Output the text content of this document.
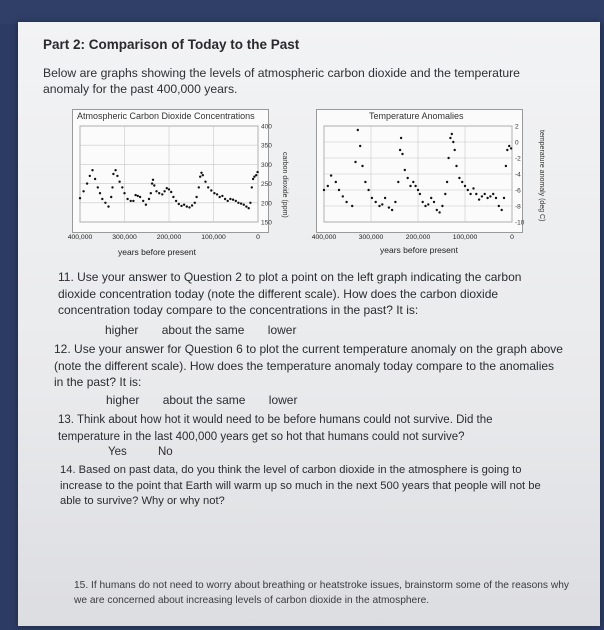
Part 2: Comparison of Today to the Past
Below are graphs showing the levels of atmospheric carbon dioxide and the temperature anomaly for the past 400,000 years.
Atmospheric Carbon Dioxide Concentrations	Temperature Anomalies
400
350
300
250
200
150
400,000	300,000	200,000	100,000	0
2
0
-2
-4
-6
-8
-10
400,000	300,000	200,000	100,000	0
carbon dioxide (ppm)	temperature anomaly (deg C)
years before present	years before present
11. Use your answer to Question 2 to plot a point on the left graph indicating the carbon dioxide concentration today (note the different scale). How does the carbon dioxide concentration today compare to the concentrations in the past? It is:
higher about the same lower
12. Use your answer for Question 6 to plot the current temperature anomaly on the graph above (note the different scale). How does the temperature anomaly today compare to the anomalies in the past? It is:
higher about the same lower
13. Think about how hot it would need to be before humans could not survive. Did the temperature in the last 400,000 years get so hot that humans could not survive?
Yes	No
14. Based on past data, do you think the level of carbon dioxide in the atmosphere is going to increase to the point that Earth will warm up so much in the next 500 years that people will not be able to survive? Why or why not?
15. If humans do not need to worry about breathing or heatstroke issues, brainstorm some of the reasons why we are concerned about increasing levels of carbon dioxide in the atmosphere.
